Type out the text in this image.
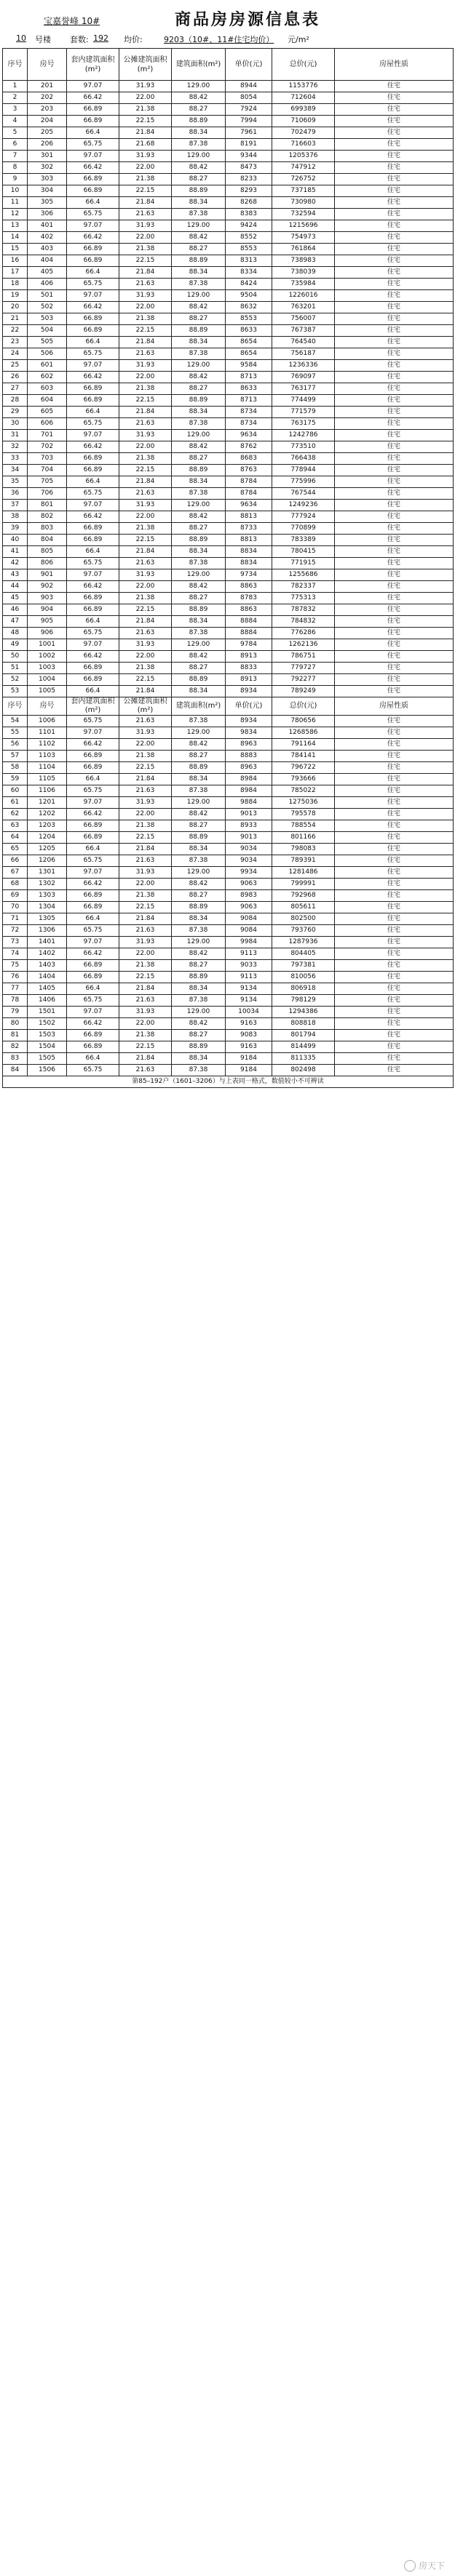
宝嘉誉峰 10#	商品房房源信息表
10 号楼 套数: 192 均价:	9203（10#、11#住宅均价） 元/m²
序号	房号	套内建筑面积(m²)	公摊建筑面积(m²)	建筑面积(m²)	单价(元)	总价(元)	房屋性质
1	201	97.07	31.93	129.00	8944	1153776	住宅
2	202	66.42	22.00	88.42	8054	712604	住宅
3	203	66.89	21.38	88.27	7924	699389	住宅
4	204	66.89	22.15	88.89	7994	710609	住宅
5	205	66.4	21.84	88.34	7961	702479	住宅
6	206	65.75	21.68	87.38	8191	716603	住宅
7	301	97.07	31.93	129.00	9344	1205376	住宅
8	302	66.42	22.00	88.42	8473	747912	住宅
9	303	66.89	21.38	88.27	8233	726752	住宅
10	304	66.89	22.15	88.89	8293	737185	住宅
11	305	66.4	21.84	88.34	8268	730980	住宅
12	306	65.75	21.63	87.38	8383	732594	住宅
13	401	97.07	31.93	129.00	9424	1215696	住宅
14	402	66.42	22.00	88.42	8552	754973	住宅
15	403	66.89	21.38	88.27	8553	761864	住宅
16	404	66.89	22.15	88.89	8313	738983	住宅
17	405	66.4	21.84	88.34	8334	738039	住宅
18	406	65.75	21.63	87.38	8424	735984	住宅
19	501	97.07	31.93	129.00	9504	1226016	住宅
20	502	66.42	22.00	88.42	8632	763201	住宅
21	503	66.89	21.38	88.27	8553	756007	住宅
22	504	66.89	22.15	88.89	8633	767387	住宅
23	505	66.4	21.84	88.34	8654	764540	住宅
24	506	65.75	21.63	87.38	8654	756187	住宅
25	601	97.07	31.93	129.00	9584	1236336	住宅
26	602	66.42	22.00	88.42	8713	769097	住宅
27	603	66.89	21.38	88.27	8633	763177	住宅
28	604	66.89	22.15	88.89	8713	774499	住宅
29	605	66.4	21.84	88.34	8734	771579	住宅
30	606	65.75	21.63	87.38	8734	763175	住宅
31	701	97.07	31.93	129.00	9634	1242786	住宅
32	702	66.42	22.00	88.42	8762	773510	住宅
33	703	66.89	21.38	88.27	8683	766438	住宅
34	704	66.89	22.15	88.89	8763	778944	住宅
35	705	66.4	21.84	88.34	8784	775996	住宅
36	706	65.75	21.63	87.38	8784	767544	住宅
37	801	97.07	31.93	129.00	9634	1249236	住宅
38	802	66.42	22.00	88.42	8813	777924	住宅
39	803	66.89	21.38	88.27	8733	770899	住宅
40	804	66.89	22.15	88.89	8813	783389	住宅
41	805	66.4	21.84	88.34	8834	780415	住宅
42	806	65.75	21.63	87.38	8834	771915	住宅
43	901	97.07	31.93	129.00	9734	1255686	住宅
44	902	66.42	22.00	88.42	8863	782337	住宅
45	903	66.89	21.38	88.27	8783	775313	住宅
46	904	66.89	22.15	88.89	8863	787832	住宅
47	905	66.4	21.84	88.34	8884	784832	住宅
48	906	65.75	21.63	87.38	8884	776286	住宅
49	1001	97.07	31.93	129.00	9784	1262136	住宅
50	1002	66.42	22.00	88.42	8913	786751	住宅
51	1003	66.89	21.38	88.27	8833	779727	住宅
52	1004	66.89	22.15	88.89	8913	792277	住宅
53	1005	66.4	21.84	88.34	8934	789249	住宅
序号	房号	套内建筑面积(m²)	公摊建筑面积(m²)	建筑面积(m²)	单价(元)	总价(元)	房屋性质
54	1006	65.75	21.63	87.38	8934	780656	住宅
55	1101	97.07	31.93	129.00	9834	1268586	住宅
56	1102	66.42	22.00	88.42	8963	791164	住宅
57	1103	66.89	21.38	88.27	8883	784141	住宅
58	1104	66.89	22.15	88.89	8963	796722	住宅
59	1105	66.4	21.84	88.34	8984	793666	住宅
60	1106	65.75	21.63	87.38	8984	785022	住宅
61	1201	97.07	31.93	129.00	9884	1275036	住宅
62	1202	66.42	22.00	88.42	9013	795578	住宅
63	1203	66.89	21.38	88.27	8933	788554	住宅
64	1204	66.89	22.15	88.89	9013	801166	住宅
65	1205	66.4	21.84	88.34	9034	798083	住宅
66	1206	65.75	21.63	87.38	9034	789391	住宅
67	1301	97.07	31.93	129.00	9934	1281486	住宅
68	1302	66.42	22.00	88.42	9063	799991	住宅
69	1303	66.89	21.38	88.27	8983	792968	住宅
70	1304	66.89	22.15	88.89	9063	805611	住宅
71	1305	66.4	21.84	88.34	9084	802500	住宅
72	1306	65.75	21.63	87.38	9084	793760	住宅
73	1401	97.07	31.93	129.00	9984	1287936	住宅
74	1402	66.42	22.00	88.42	9113	804405	住宅
75	1403	66.89	21.38	88.27	9033	797381	住宅
76	1404	66.89	22.15	88.89	9113	810056	住宅
77	1405	66.4	21.84	88.34	9134	806918	住宅
78	1406	65.75	21.63	87.38	9134	798129	住宅
79	1501	97.07	31.93	129.00	10034	1294386	住宅
80	1502	66.42	22.00	88.42	9163	808818	住宅
81	1503	66.89	21.38	88.27	9083	801794	住宅
82	1504	66.89	22.15	88.89	9163	814499	住宅
83	1505	66.4	21.84	88.34	9184	811335	住宅
84	1506	65.75	21.63	87.38	9184	802498	住宅
第85–192户（1601–3206）与上表同一格式，数值较小不可辨读							
房天下
